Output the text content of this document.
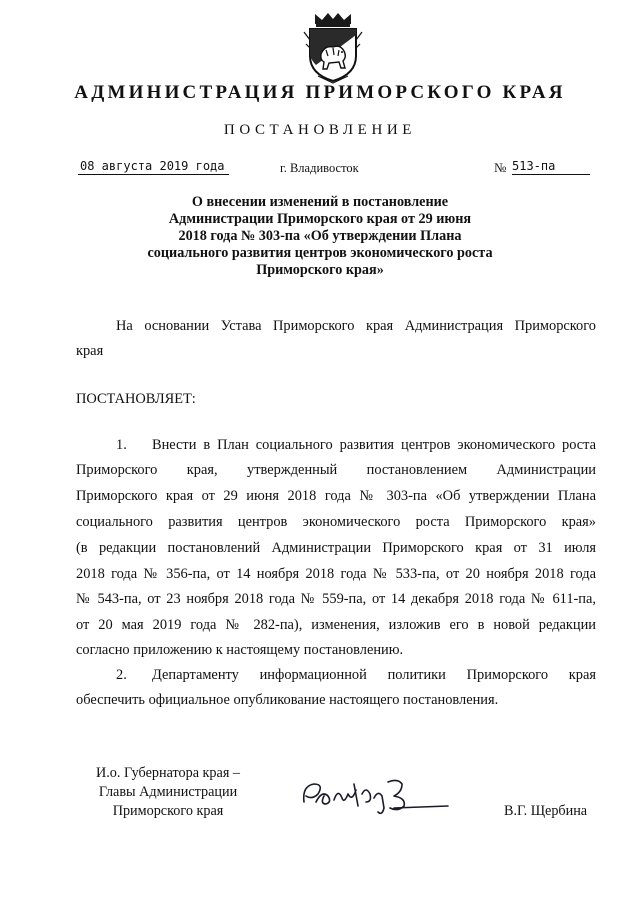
АДМИНИСТРАЦИЯ ПРИМОРСКОГО КРАЯ
ПОСТАНОВЛЕНИЕ
08 августа 2019 года	г. Владивосток	№ 513-па
О внесении изменений в постановление
Администрации Приморского края от 29 июня
2018 года № 303-па «Об утверждении Плана
социального развития центров экономического роста
Приморского края»
На основании Устава Приморского края Администрация Приморского
края
ПОСТАНОВЛЯЕТ:
1.	Внести в План социального развития центров экономического роста
Приморского края, утвержденный постановлением Администрации
Приморского края от 29 июня 2018 года № 303-па «Об утверждении Плана
социального развития центров экономического роста Приморского края»
(в редакции постановлений Администрации Приморского края от 31 июля
2018 года № 356-па, от 14 ноября 2018 года № 533-па, от 20 ноября 2018 года
№ 543-па, от 23 ноября 2018 года № 559-па, от 14 декабря 2018 года № 611-па,
от 20 мая 2019 года № 282-па), изменения, изложив его в новой редакции
согласно приложению к настоящему постановлению.
2.	Департаменту информационной политики Приморского края
обеспечить официальное опубликование настоящего постановления.
И.о. Губернатора края –
Главы Администрации
Приморского края	В.Г. Щербина
